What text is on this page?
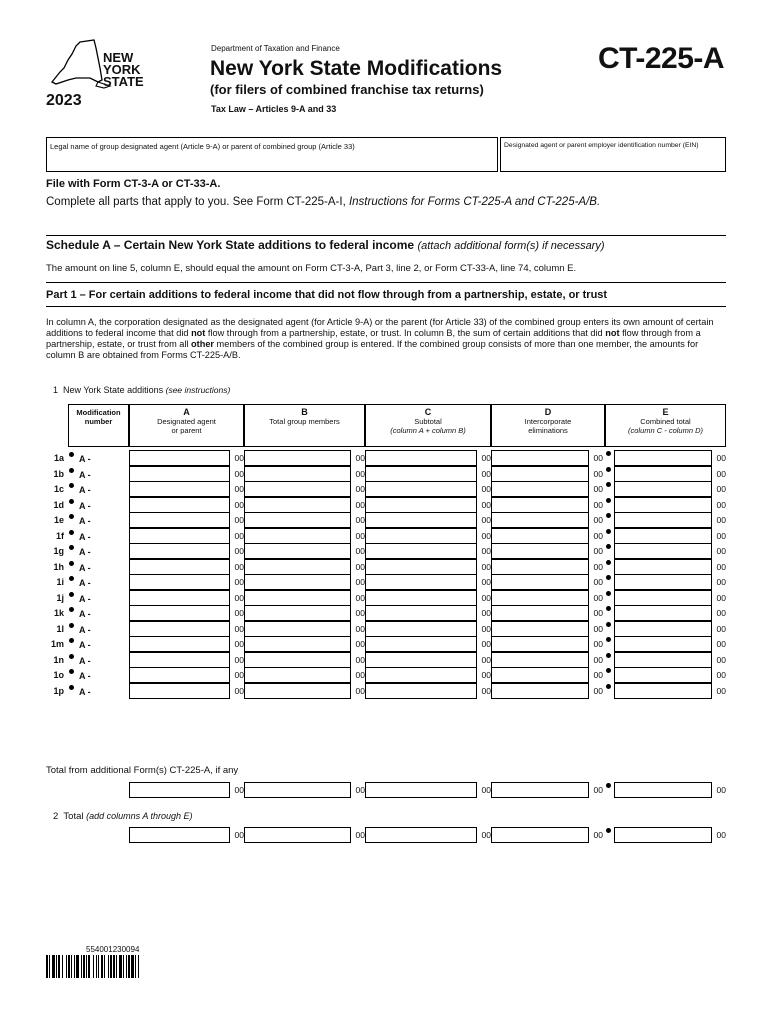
NEW
YORK
STATE
2023
Department of Taxation and Finance
New York State Modifications
(for filers of combined franchise tax returns)
Tax Law – Articles 9-A and 33
CT-225-A
Legal name of group designated agent (Article 9-A) or parent of combined group (Article 33)	Designated agent or parent employer identification number (EIN)
File with Form CT-3-A or CT-33-A.
Complete all parts that apply to you. See Form CT-225-A-I, Instructions for Forms CT-225-A and CT-225-A/B.
Schedule A – Certain New York State additions to federal income (attach additional form(s) if necessary)
The amount on line 5, column E, should equal the amount on Form CT-3-A, Part 3, line 2, or Form CT-33-A, line 74, column E.
Part 1 – For certain additions to federal income that did not flow through from a partnership, estate, or trust
In column A, the corporation designated as the designated agent (for Article 9-A) or the parent (for Article 33) of the combined group enters its own amount of certain additions to federal income that did not flow through from a partnership, estate, or trust. In column B, the sum of certain additions that did not flow through from a partnership, estate, or trust from all other members of the combined group is entered. If the combined group consists of more than one member, the amounts for column B are obtained from Forms CT-225-A/B.
1 New York State additions (see instructions)
Modification number
A
Designated agent
or parent
B
Total group members
C
Subtotal
(column A + column B)
D
Intercorporate
eliminations
E
Combined total
(column C - column D)
1a A -	00	00	00	00	00
1b A -	00	00	00	00	00
1c A -	00	00	00	00	00
1d A -	00	00	00	00	00
1e A -	00	00	00	00	00
1f A -	00	00	00	00	00
1g A -	00	00	00	00	00
1h A -	00	00	00	00	00
1i A -	00	00	00	00	00
1j A -	00	00	00	00	00
1k A -	00	00	00	00	00
1l A -	00	00	00	00	00
1m A -	00	00	00	00	00
1n A -	00	00	00	00	00
1o A -	00	00	00	00	00
1p A -	00	00	00	00	00
Total from additional Form(s) CT-225-A, if any
00	00	00	00	00
2 Total (add columns A through E)
00	00	00	00	00
554001230094
